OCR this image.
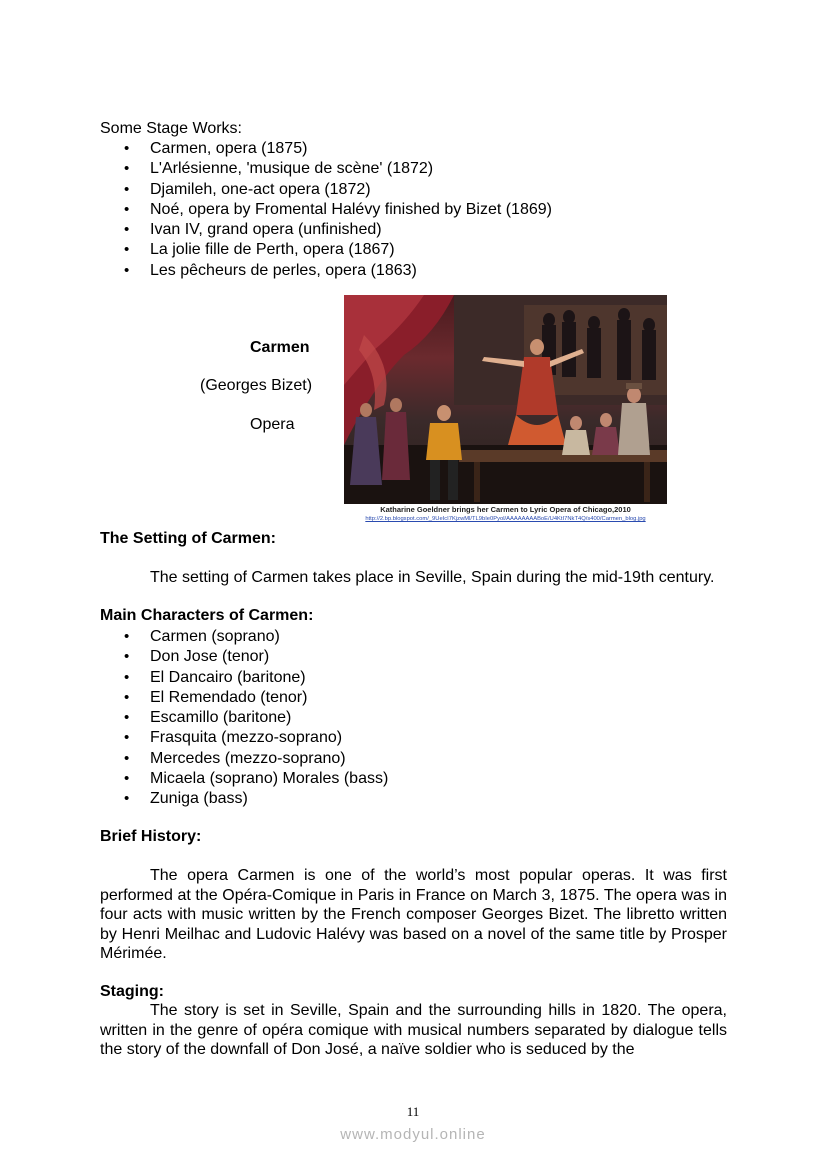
Some Stage Works:
• Carmen, opera (1875)
• L'Arlésienne, 'musique de scène' (1872)
• Djamileh, one-act opera (1872)
• Noé, opera by Fromental Halévy finished by Bizet (1869)
• Ivan IV, grand opera (unfinished)
• La jolie fille de Perth, opera (1867)
• Les pêcheurs de perles, opera (1863)
Carmen
(Georges Bizet)
Opera
Katharine Goeldner brings her Carmen to Lyric Opera of Chicago,2010
http://2.bp.blogspot.com/_9UeIcI7KjzwMl/TL9bIe0Pyol/AAAAAAAABoE/U4KtI7NkT4Q/s400/Carmen_blog.jpg
The Setting of Carmen:
The setting of Carmen takes place in Seville, Spain during the mid-19th century.
Main Characters of Carmen:
• Carmen (soprano)
• Don Jose (tenor)
• El Dancairo (baritone)
• El Remendado (tenor)
• Escamillo (baritone)
• Frasquita (mezzo-soprano)
• Mercedes (mezzo-soprano)
• Micaela (soprano) Morales (bass)
• Zuniga (bass)
Brief History:
The opera Carmen is one of the world’s most popular operas. It was first performed at the Opéra-Comique in Paris in France on March 3, 1875. The opera was in four acts with music written by the French composer Georges Bizet. The libretto written by Henri Meilhac and Ludovic Halévy was based on a novel of the same title by Prosper Mérimée.
Staging:
The story is set in Seville, Spain and the surrounding hills in 1820. The opera, written in the genre of opéra comique with musical numbers separated by dialogue tells the story of the downfall of Don José, a naïve soldier who is seduced by the
11
www.modyul.online
